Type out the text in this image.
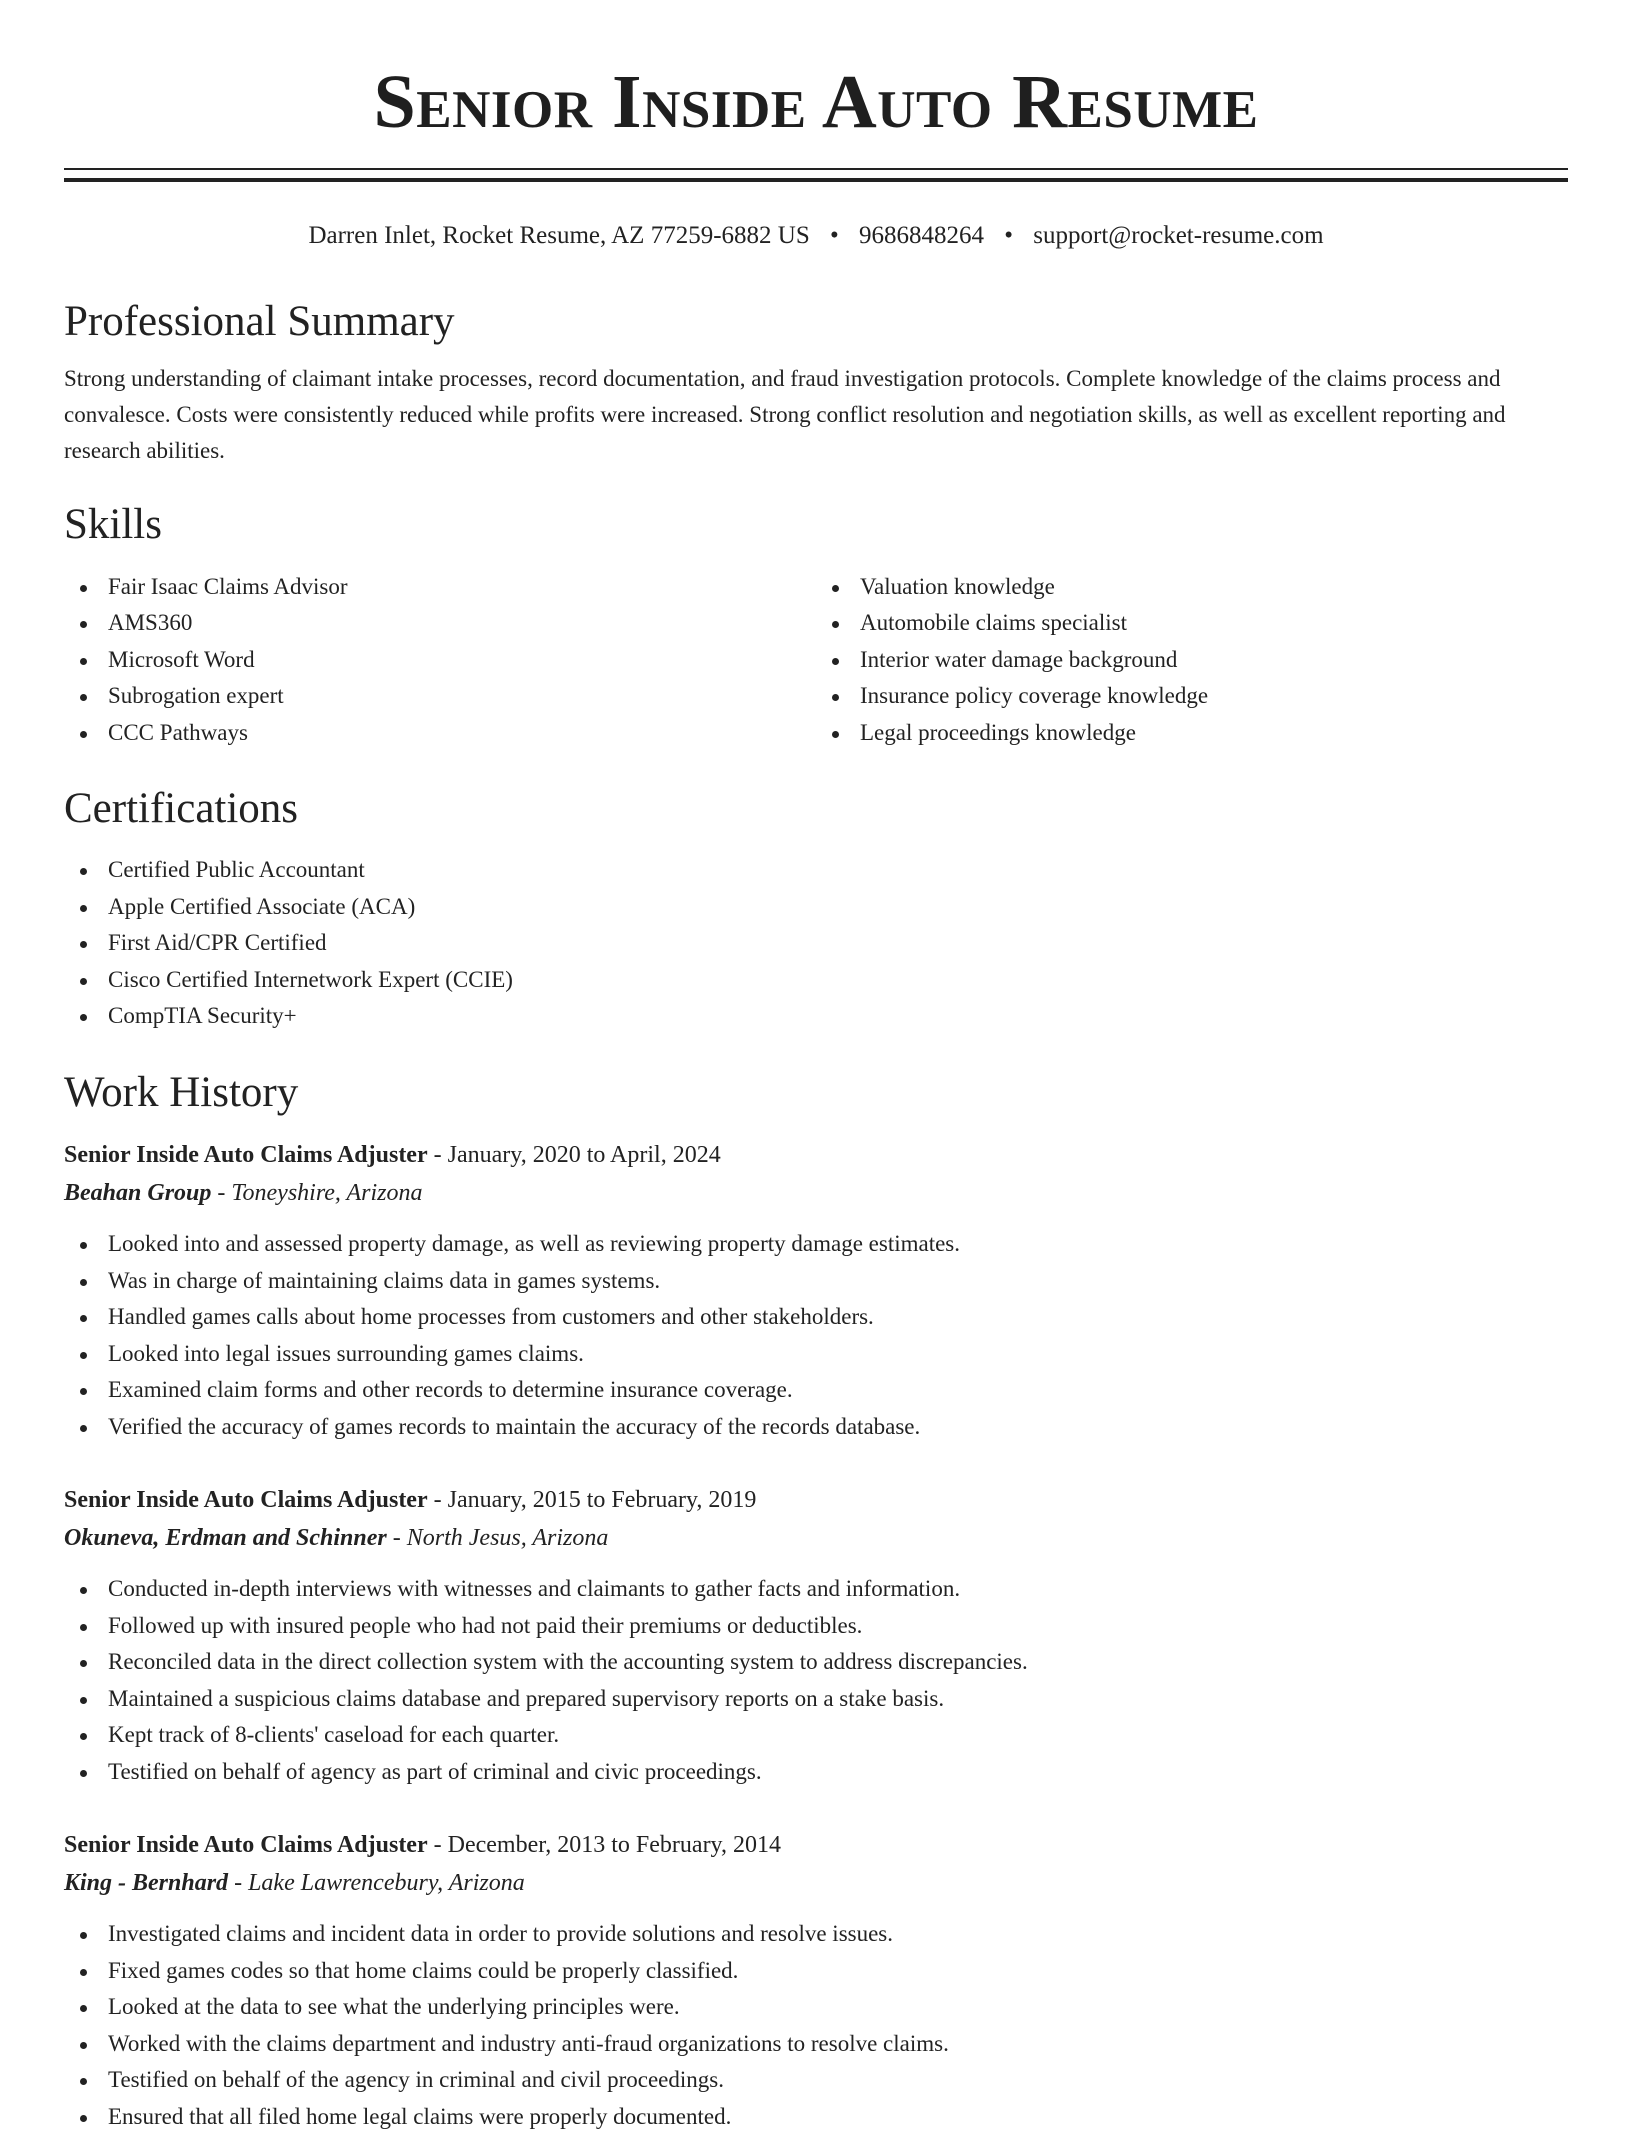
Senior Inside Auto Resume
Darren Inlet, Rocket Resume, AZ 77259-6882 US • 9686848264 • support@rocket-resume.com
Professional Summary

Strong understanding of claimant intake processes, record documentation, and fraud investigation protocols. Complete knowledge of the claims process and convalesce. Costs were consistently reduced while profits were increased. Strong conflict resolution and negotiation skills, as well as excellent reporting and research abilities.

Skills
Fair Isaac Claims Advisor
AMS360
Microsoft Word
Subrogation expert
CCC Pathways
Valuation knowledge
Automobile claims specialist
Interior water damage background
Insurance policy coverage knowledge
Legal proceedings knowledge
Certifications
Certified Public Accountant
Apple Certified Associate (ACA)
First Aid/CPR Certified
Cisco Certified Internetwork Expert (CCIE)
CompTIA Security+
Work History
Senior Inside Auto Claims Adjuster - January, 2020 to April, 2024
Beahan Group - Toneyshire, Arizona
Looked into and assessed property damage, as well as reviewing property damage estimates.
Was in charge of maintaining claims data in games systems.
Handled games calls about home processes from customers and other stakeholders.
Looked into legal issues surrounding games claims.
Examined claim forms and other records to determine insurance coverage.
Verified the accuracy of games records to maintain the accuracy of the records database.
Senior Inside Auto Claims Adjuster - January, 2015 to February, 2019
Okuneva, Erdman and Schinner - North Jesus, Arizona
Conducted in-depth interviews with witnesses and claimants to gather facts and information.
Followed up with insured people who had not paid their premiums or deductibles.
Reconciled data in the direct collection system with the accounting system to address discrepancies.
Maintained a suspicious claims database and prepared supervisory reports on a stake basis.
Kept track of 8-clients' caseload for each quarter.
Testified on behalf of agency as part of criminal and civic proceedings.
Senior Inside Auto Claims Adjuster - December, 2013 to February, 2014
King - Bernhard - Lake Lawrencebury, Arizona
Investigated claims and incident data in order to provide solutions and resolve issues.
Fixed games codes so that home claims could be properly classified.
Looked at the data to see what the underlying principles were.
Worked with the claims department and industry anti-fraud organizations to resolve claims.
Testified on behalf of the agency in criminal and civil proceedings.
Ensured that all filed home legal claims were properly documented.
